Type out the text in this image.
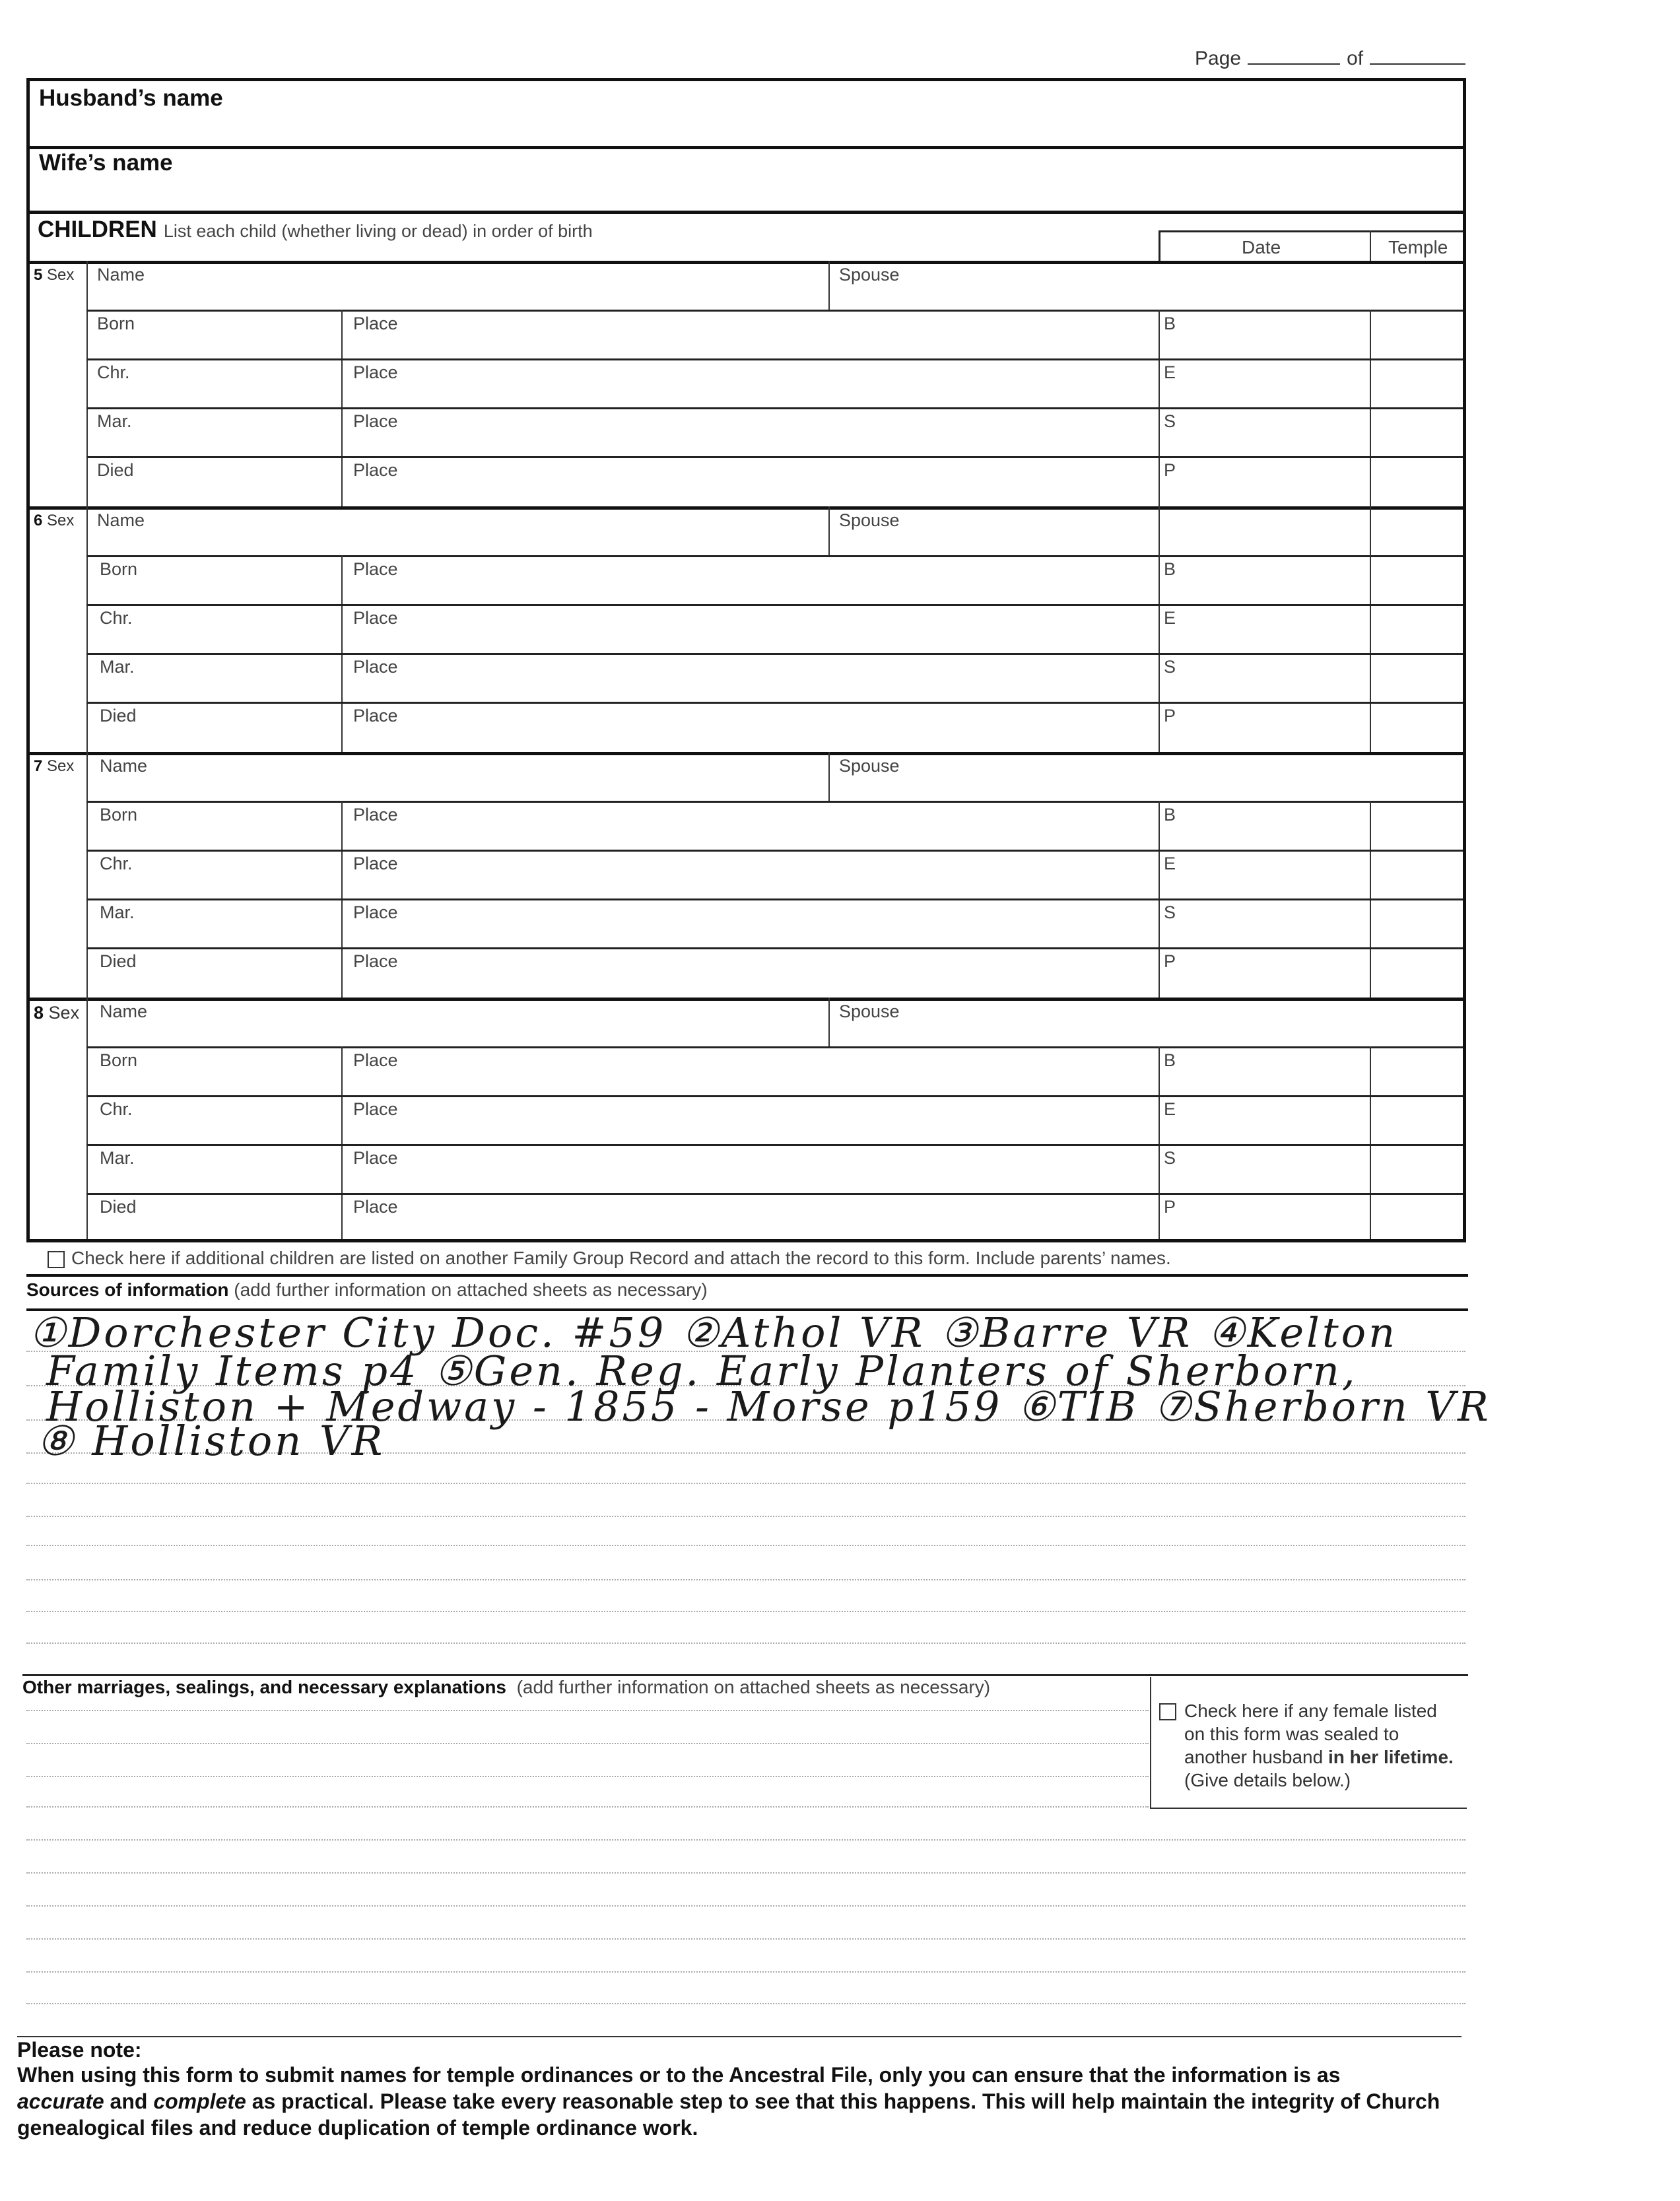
Page	of
Husband’s name
Wife’s name
CHILDREN List each child (whether living or dead) in order of birth
Date	Temple
5 Sex Name	Spouse
Born	Place	B
Chr.	Place	E
Mar.	Place	S
Died	Place	P
6 Sex Name	Spouse
Born	Place	B
Chr.	Place	E
Mar.	Place	S
Died	Place	P
7 Sex Name	Spouse
Born	Place	B
Chr.	Place	E
Mar.	Place	S
Died	Place	P
8 Sex Name	Spouse
Born	Place	B
Chr.	Place	E
Mar.	Place	S
Died	Place	P
Check here if additional children are listed on another Family Group Record and attach the record to this form. Include parents’ names.
Sources of information (add further information on attached sheets as necessary)
①Dorchester City Doc. #59 ②Athol VR ③Barre VR ④Kelton
Family Items p4 ⑤Gen. Reg. Early Planters of Sherborn,
Holliston + Medway - 1855 - Morse p159 ⑥TIB ⑦Sherborn VR
⑧ Holliston VR
Other marriages, sealings, and necessary explanations (add further information on attached sheets as necessary)
Check here if any female listed on this form was sealed to another husband in her lifetime. (Give details below.)
Please note:
When using this form to submit names for temple ordinances or to the Ancestral File, only you can ensure that the information is as
accurate and complete as practical. Please take every reasonable step to see that this happens. This will help maintain the integrity of Church genealogical files and reduce duplication of temple ordinance work.
